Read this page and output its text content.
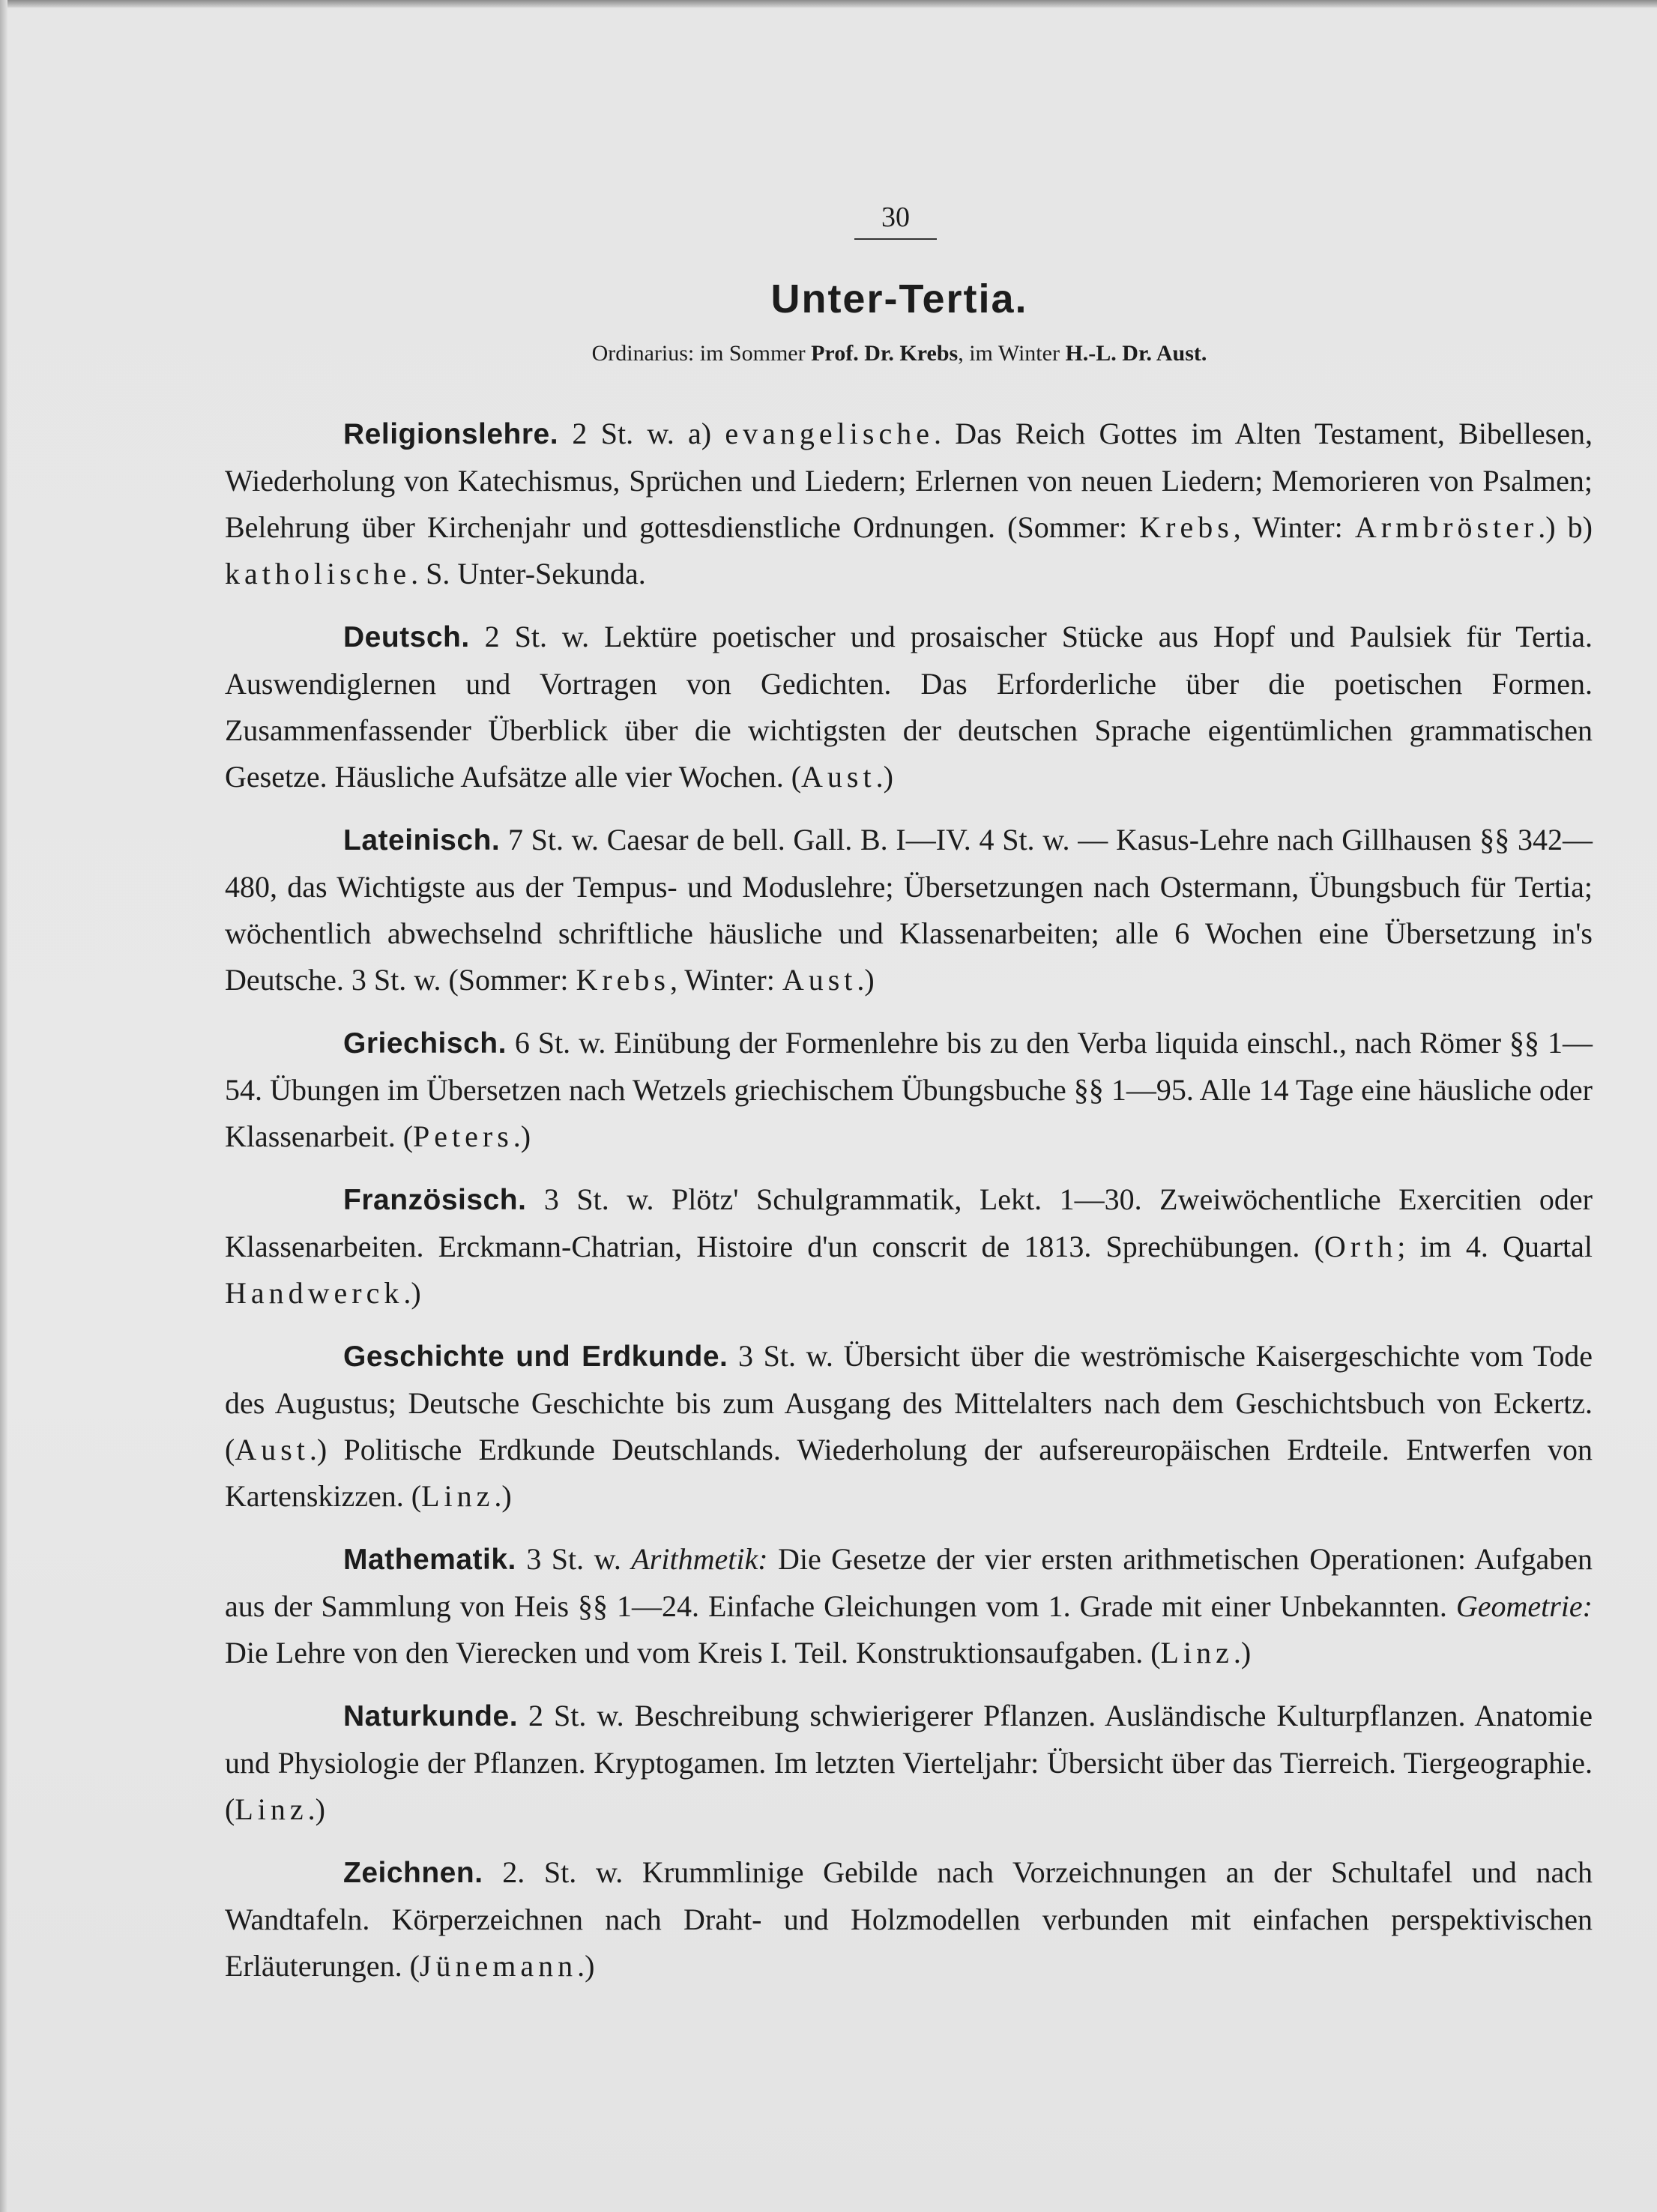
30
Unter-Tertia.
Ordinarius: im Sommer Prof. Dr. Krebs, im Winter H.-L. Dr. Aust.

Religionslehre. 2 St. w. a) evangelische. Das Reich Gottes im Alten Testament, Bibellesen, Wiederholung von Katechismus, Sprüchen und Liedern; Erlernen von neuen Liedern; Memorieren von Psalmen; Belehrung über Kirchenjahr und gottesdienstliche Ordnungen. (Sommer: Krebs, Winter: Armbröster.) b) katholische. S. Unter-Sekunda.

Deutsch. 2 St. w. Lektüre poetischer und prosaischer Stücke aus Hopf und Paulsiek für Tertia. Auswendiglernen und Vortragen von Gedichten. Das Erforderliche über die poetischen Formen. Zusammenfassender Überblick über die wichtigsten der deutschen Sprache eigentümlichen grammatischen Gesetze. Häusliche Aufsätze alle vier Wochen. (Aust.)

Lateinisch. 7 St. w. Caesar de bell. Gall. B. I—IV. 4 St. w. — Kasus-Lehre nach Gillhausen §§ 342—480, das Wichtigste aus der Tempus- und Moduslehre; Übersetzungen nach Ostermann, Übungsbuch für Tertia; wöchentlich abwechselnd schriftliche häusliche und Klassenarbeiten; alle 6 Wochen eine Übersetzung in's Deutsche. 3 St. w. (Sommer: Krebs, Winter: Aust.)

Griechisch. 6 St. w. Einübung der Formenlehre bis zu den Verba liquida einschl., nach Römer §§ 1—54. Übungen im Übersetzen nach Wetzels griechischem Übungsbuche §§ 1—95. Alle 14 Tage eine häusliche oder Klassenarbeit. (Peters.)

Französisch. 3 St. w. Plötz' Schulgrammatik, Lekt. 1—30. Zweiwöchentliche Exercitien oder Klassenarbeiten. Erckmann-Chatrian, Histoire d'un conscrit de 1813. Sprechübungen. (Orth; im 4. Quartal Handwerck.)

Geschichte und Erdkunde. 3 St. w. Übersicht über die weströmische Kaisergeschichte vom Tode des Augustus; Deutsche Geschichte bis zum Ausgang des Mittelalters nach dem Geschichtsbuch von Eckertz. (Aust.) Politische Erdkunde Deutschlands. Wiederholung der aufsereuropäischen Erdteile. Entwerfen von Kartenskizzen. (Linz.)

Mathematik. 3 St. w. Arithmetik: Die Gesetze der vier ersten arithmetischen Operationen: Aufgaben aus der Sammlung von Heis §§ 1—24. Einfache Gleichungen vom 1. Grade mit einer Unbekannten. Geometrie: Die Lehre von den Vierecken und vom Kreis I. Teil. Konstruktionsaufgaben. (Linz.)

Naturkunde. 2 St. w. Beschreibung schwierigerer Pflanzen. Ausländische Kulturpflanzen. Anatomie und Physiologie der Pflanzen. Kryptogamen. Im letzten Vierteljahr: Übersicht über das Tierreich. Tiergeographie. (Linz.)

Zeichnen. 2. St. w. Krummlinige Gebilde nach Vorzeichnungen an der Schultafel und nach Wandtafeln. Körperzeichnen nach Draht- und Holzmodellen verbunden mit einfachen perspektivischen Erläuterungen. (Jünemann.)
